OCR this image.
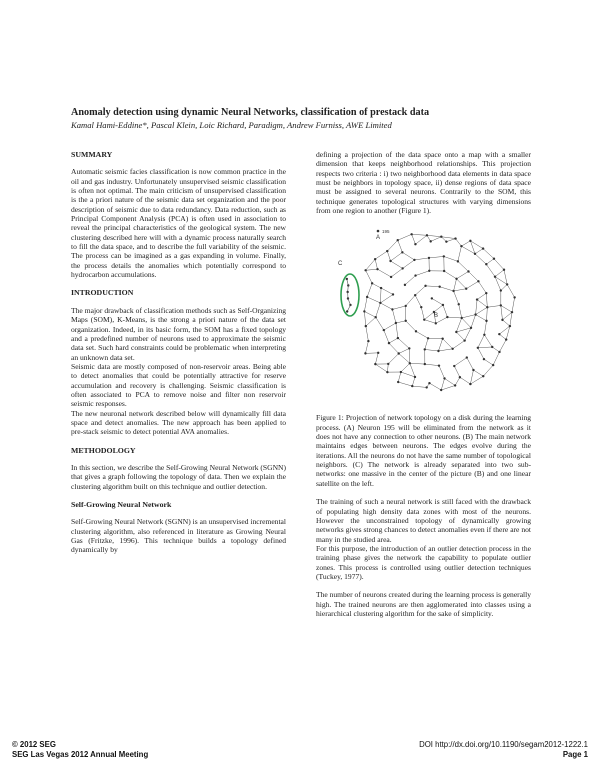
Anomaly detection using dynamic Neural Networks, classification of prestack data
Kamal Hami-Eddine*, Pascal Klein, Loic Richard, Paradigm, Andrew Furniss, AWE Limited
SUMMARY

Automatic seismic facies classification is now common practice in the oil and gas industry. Unfortunately unsupervised seismic classification is often not optimal. The main criticism of unsupervised classification is the a priori nature of the seismic data set organization and the poor description of seismic due to data redundancy. Data reduction, such as Principal Component Analysis (PCA) is often used in association to reveal the principal characteristics of the geological system. The new clustering described here will with a dynamic process naturally search to fill the data space, and to describe the full variability of the seismic. The process can be imagined as a gas expanding in volume. Finally, the process details the anomalies which potentially correspond to hydrocarbon accumulations.

INTRODUCTION

The major drawback of classification methods such as Self-Organizing Maps (SOM), K-Means, is the strong a priori nature of the data set organization. Indeed, in its basic form, the SOM has a fixed topology and a predefined number of neurons used to approximate the seismic data set. Such hard constraints could be problematic when interpreting an unknown data set.

Seismic data are mostly composed of non-reservoir areas. Being able to detect anomalies that could be potentially attractive for reserve accumulation and recovery is challenging. Seismic classification is often associated to PCA to remove noise and filter non reservoir seismic responses.

The new neuronal network described below will dynamically fill data space and detect anomalies. The new approach has been applied to pre-stack seismic to detect potential AVA anomalies.

METHODOLOGY

In this section, we describe the Self-Growing Neural Network (SGNN) that gives a graph following the topology of data. Then we explain the clustering algorithm built on this technique and outlier detection.

Self-Growing Neural Network

Self-Growing Neural Network (SGNN) is an unsupervised incremental clustering algorithm, also referenced in literature as Growing Neural Gas (Fritzke, 1996). This technique builds a topology defined dynamically by

defining a projection of the data space onto a map with a smaller dimension that keeps neighborhood relationships. This projection respects two criteria : i) two neighborhood data elements in data space must be neighbors in topology space, ii) dense regions of data space must be assigned to several neurons. Contrarily to the SOM, this technique generates topological structures with varying dimensions from one region to another (Figure 1).

A
B
C
195

Figure 1: Projection of network topology on a disk during the learning process. (A) Neuron 195 will be eliminated from the network as it does not have any connection to other neurons. (B) The main network maintains edges between neurons. The edges evolve during the iterations. All the neurons do not have the same number of topological neighbors. (C) The network is already separated into two sub-networks: one massive in the center of the picture (B) and one linear satellite on the left.

The training of such a neural network is still faced with the drawback of populating high density data zones with most of the neurons. However the unconstrained topology of dynamically growing networks gives strong chances to detect anomalies even if there are not many in the studied area.

For this purpose, the introduction of an outlier detection process in the training phase gives the network the capability to populate outlier zones. This process is controlled using outlier detection techniques (Tuckey, 1977).

The number of neurons created during the learning process is generally high. The trained neurons are then agglomerated into classes using a hierarchical clustering algorithm for the sake of simplicity.

© 2012 SEG
SEG Las Vegas 2012 Annual Meeting
DOI http://dx.doi.org/10.1190/segam2012-1222.1
Page 1
